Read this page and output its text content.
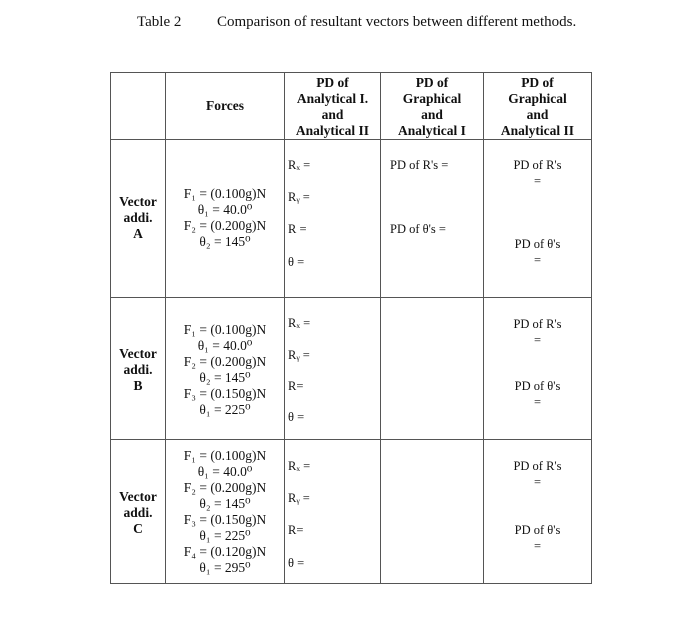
Table 2 Comparison of resultant vectors between different methods.
Forces
PD of
Analytical I.
and
Analytical II
PD of
Graphical
and
Analytical I
PD of
Graphical
and
Analytical II
Vector
addi.
A
F₁ = (0.100g)N
θ₁ = 40.0⁰
F₂ = (0.200g)N
θ₂ = 145⁰
Rₓ =
Rᵧ =
R =
θ =
PD of R's =
PD of θ's =
PD of R's
=
PD of θ's
=
Vector
addi.
B
F₁ = (0.100g)N
θ₁ = 40.0⁰
F₂ = (0.200g)N
θ₂ = 145⁰
F₃ = (0.150g)N
θ₁ = 225⁰
Rₓ =
Rᵧ =
R=
θ =
PD of R's
=
PD of θ's
=
Vector
addi.
C
F₁ = (0.100g)N
θ₁ = 40.0⁰
F₂ = (0.200g)N
θ₂ = 145⁰
F₃ = (0.150g)N
θ₁ = 225⁰
F₄ = (0.120g)N
θ₁ = 295⁰
Rₓ =
Rᵧ =
R=
θ =
PD of R's
=
PD of θ's
=
